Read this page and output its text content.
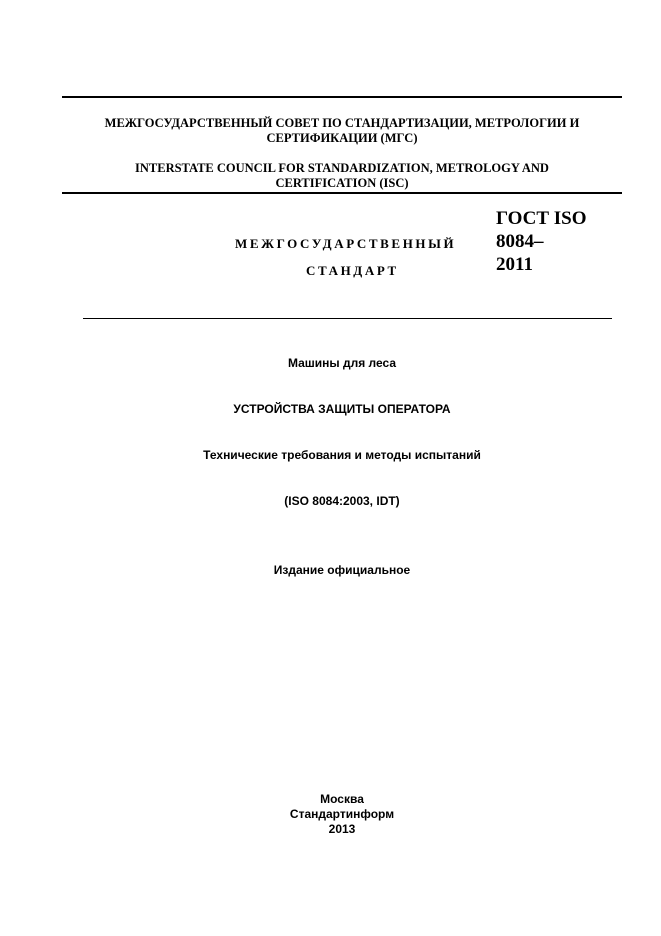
МЕЖГОСУДАРСТВЕННЫЙ СОВЕТ ПО СТАНДАРТИЗАЦИИ, МЕТРОЛОГИИ И
СЕРТИФИКАЦИИ (МГС)
INTERSTATE COUNCIL FOR STANDARDIZATION, METROLOGY AND
CERTIFICATION (ISC)
МЕЖГОСУДАРСТВЕННЫЙ
СТАНДАРТ
ГОСТ ISO
8084–
2011
Машины для леса
УСТРОЙСТВА ЗАЩИТЫ ОПЕРАТОРА
Технические требования и методы испытаний
(ISO 8084:2003, IDT)
Издание официальное
Москва
Стандартинформ
2013
